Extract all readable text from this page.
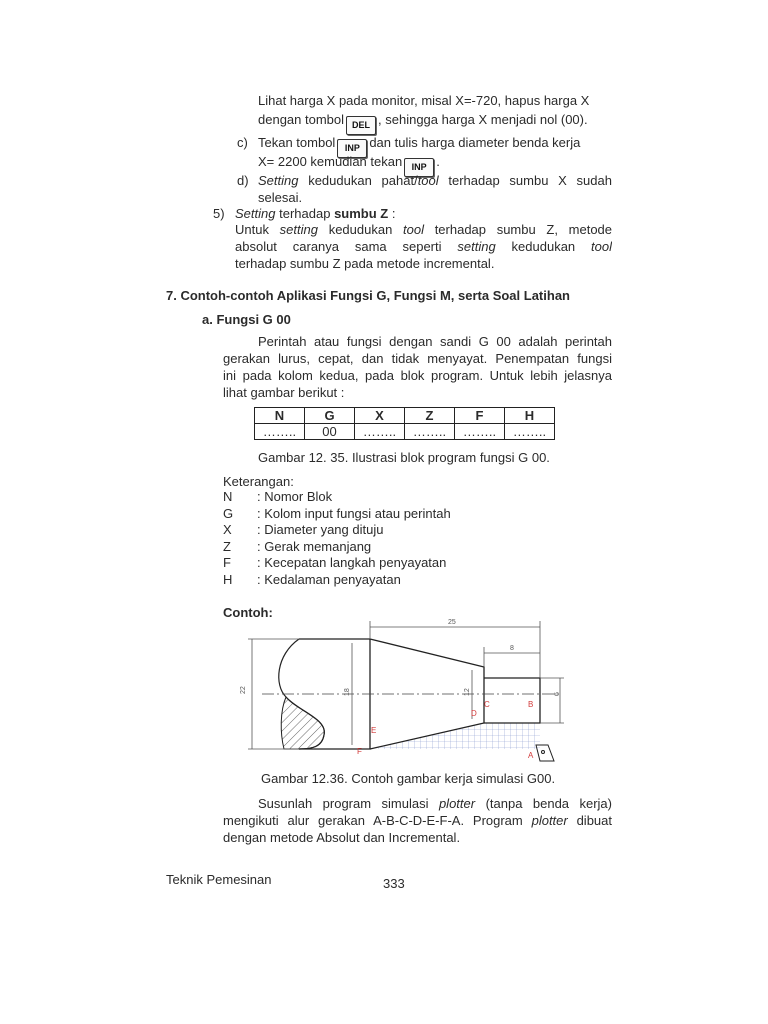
Lihat harga X pada monitor, misal X=-720, hapus harga X
dengan tombol DEL , sehingga harga X menjadi nol (00).
c) Tekan tombol INP dan tulis harga diameter benda kerja
X= 2200 kemudian tekan INP .
d) Setting kedudukan pahat/tool terhadap sumbu X sudah
selesai.
5) Setting terhadap sumbu Z :
Untuk setting kedudukan tool terhadap sumbu Z, metode
absolut caranya sama seperti setting kedudukan tool
terhadap sumbu Z pada metode incremental.
7. Contoh-contoh Aplikasi Fungsi G, Fungsi M, serta Soal Latihan
a. Fungsi G 00
Perintah atau fungsi dengan sandi G 00 adalah perintah
gerakan lurus, cepat, dan tidak menyayat. Penempatan fungsi
ini pada kolom kedua, pada blok program. Untuk lebih jelasnya
lihat gambar berikut :
N	G	X	Z	F	H
……..	00	……..	……..	……..	……..
Gambar 12. 35. Ilustrasi blok program fungsi G 00.
Keterangan:
N : Nomor Blok
G : Kolom input fungsi atau perintah
X : Diameter yang dituju
Z : Gerak memanjang
F : Kecepatan langkah penyayatan
H : Kedalaman penyayatan
Contoh:
25
8
22	18	12	6
A
B
C
D
E
F
Gambar 12.36. Contoh gambar kerja simulasi G00.
Susunlah program simulasi plotter (tanpa benda kerja)
mengikuti alur gerakan A-B-C-D-E-F-A. Program plotter dibuat
dengan metode Absolut dan Incremental.
Teknik Pemesinan	333
